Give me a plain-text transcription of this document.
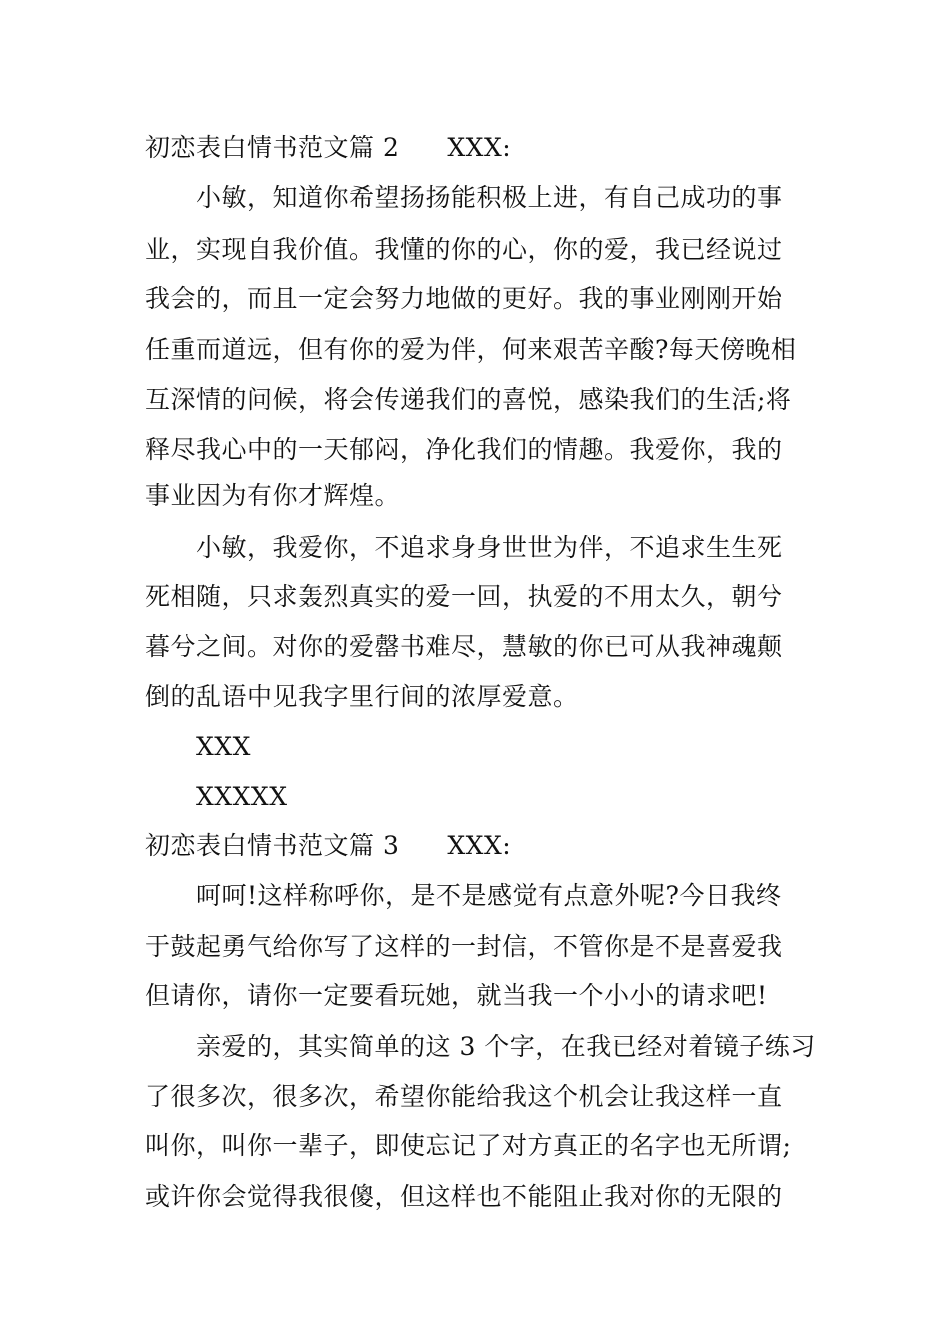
初恋表白情书范文篇 2 XXX:
小敏，知道你希望扬扬能积极上进，有自己成功的事
业，实现自我价值。我懂的你的心，你的爱，我已经说过
我会的，而且一定会努力地做的更好。我的事业刚刚开始
任重而道远，但有你的爱为伴，何来艰苦辛酸?每天傍晚相
互深情的问候，将会传递我们的喜悦，感染我们的生活;将
释尽我心中的一天郁闷，净化我们的情趣。我爱你，我的
事业因为有你才辉煌。
小敏，我爱你，不追求身身世世为伴，不追求生生死
死相随，只求轰烈真实的爱一回，执爱的不用太久，朝兮
暮兮之间。对你的爱罄书难尽，慧敏的你已可从我神魂颠
倒的乱语中见我字里行间的浓厚爱意。
XXX
XXXXX
初恋表白情书范文篇 3 XXX:
呵呵!这样称呼你，是不是感觉有点意外呢?今日我终
于鼓起勇气给你写了这样的一封信，不管你是不是喜爱我
但请你，请你一定要看玩她，就当我一个小小的请求吧!
亲爱的，其实简单的这 3 个字，在我已经对着镜子练习
了很多次，很多次，希望你能给我这个机会让我这样一直
叫你，叫你一辈子，即使忘记了对方真正的名字也无所谓;
或许你会觉得我很傻，但这样也不能阻止我对你的无限的
